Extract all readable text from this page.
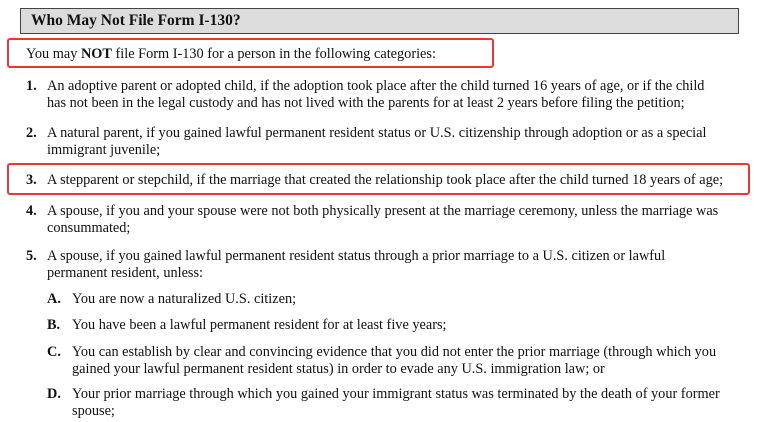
Who May Not File Form I-130?
You may NOT file Form I-130 for a person in the following categories:
1. An adoptive parent or adopted child, if the adoption took place after the child turned 16 years of age, or if the child
has not been in the legal custody and has not lived with the parents for at least 2 years before filing the petition;
2. A natural parent, if you gained lawful permanent resident status or U.S. citizenship through adoption or as a special
immigrant juvenile;
3. A stepparent or stepchild, if the marriage that created the relationship took place after the child turned 18 years of age;
4. A spouse, if you and your spouse were not both physically present at the marriage ceremony, unless the marriage was
consummated;
5. A spouse, if you gained lawful permanent resident status through a prior marriage to a U.S. citizen or lawful
permanent resident, unless:
A. You are now a naturalized U.S. citizen;
B. You have been a lawful permanent resident for at least five years;
C. You can establish by clear and convincing evidence that you did not enter the prior marriage (through which you
gained your lawful permanent resident status) in order to evade any U.S. immigration law; or
D. Your prior marriage through which you gained your immigrant status was terminated by the death of your former
spouse;
